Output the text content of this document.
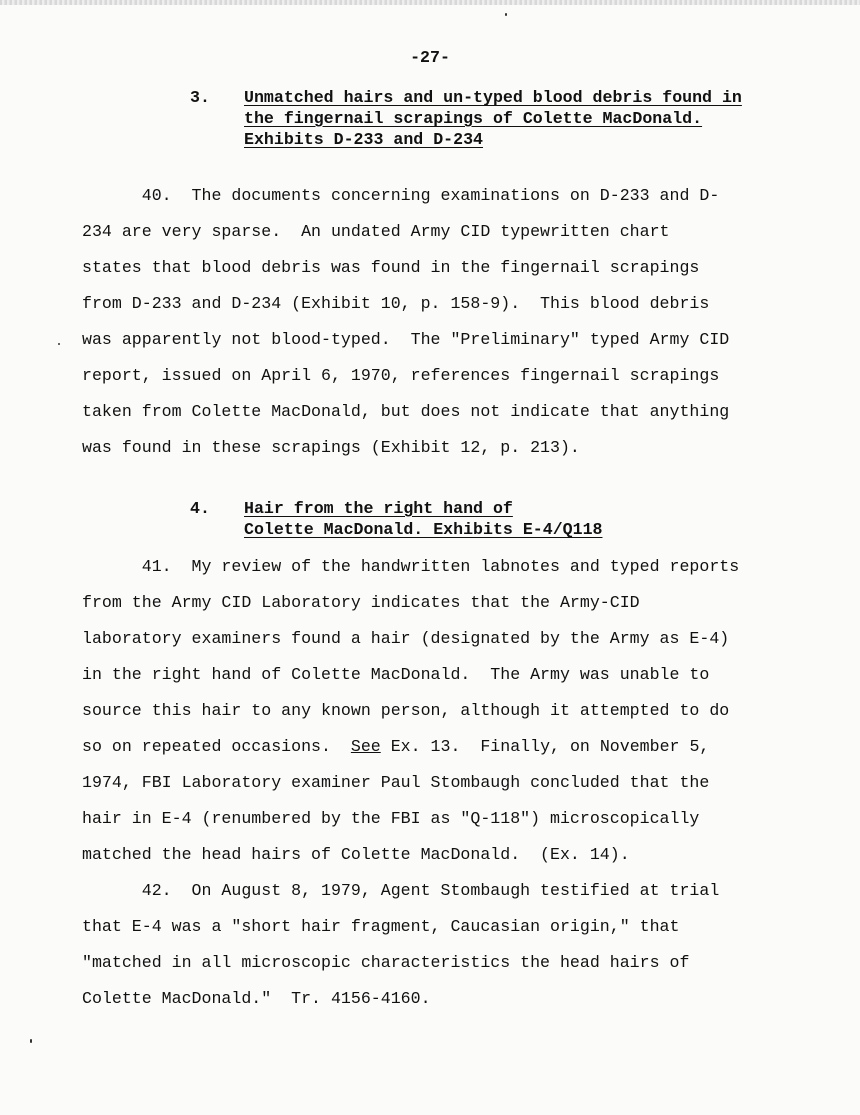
-27-
3.	Unmatched hairs and un-typed blood debris found in
the fingernail scrapings of Colette MacDonald.
Exhibits D-233 and D-234
40.  The documents concerning examinations on D-233 and D-
234 are very sparse.  An undated Army CID typewritten chart
states that blood debris was found in the fingernail scrapings
from D-233 and D-234 (Exhibit 10, p. 158-9).  This blood debris
was apparently not blood-typed.  The "Preliminary" typed Army CID
report, issued on April 6, 1970, references fingernail scrapings
taken from Colette MacDonald, but does not indicate that anything
was found in these scrapings (Exhibit 12, p. 213).
4.	Hair from the right hand of
Colette MacDonald. Exhibits E-4/Q118
41.  My review of the handwritten labnotes and typed reports
from the Army CID Laboratory indicates that the Army-CID
laboratory examiners found a hair (designated by the Army as E-4)
in the right hand of Colette MacDonald.  The Army was unable to
source this hair to any known person, although it attempted to do
so on repeated occasions.  See Ex. 13.  Finally, on November 5,
1974, FBI Laboratory examiner Paul Stombaugh concluded that the
hair in E-4 (renumbered by the FBI as "Q-118") microscopically
matched the head hairs of Colette MacDonald.  (Ex. 14).
42.  On August 8, 1979, Agent Stombaugh testified at trial
that E-4 was a "short hair fragment, Caucasian origin," that
"matched in all microscopic characteristics the head hairs of
Colette MacDonald."  Tr. 4156-4160.
